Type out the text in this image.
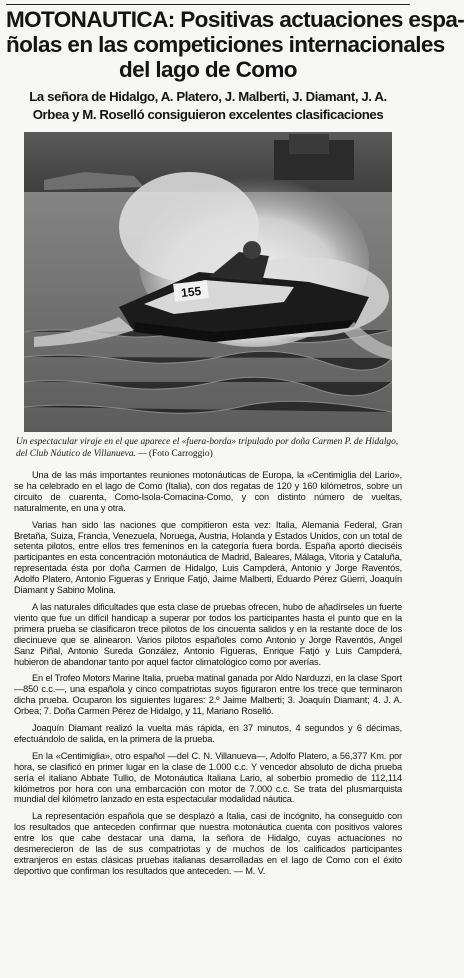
MOTONAUTICA: Positivas actuaciones espa-
ñolas en las competiciones internacionales
del lago de Como
La señora de Hidalgo, A. Platero, J. Malberti, J. Diamant, J. A.
Orbea y M. Roselló consiguieron excelentes clasificaciones
155
Un espectacular viraje en el que aparece el «fuera-borda» tripulado por doña Carmen P. de Hidalgo, del Club Náutico de Villanueva. — (Foto Carroggio)

Una de las más importantes reuniones motonáuticas de Europa, la «Centimiglia del Lario», se ha celebrado en el lago de Como (Italia), con dos regatas de 120 y 160 kilómetros, sobre un circuito de cuarenta, Como-Isola-Comacina-Como, y con distinto número de vueltas, naturalmente, en una y otra.

Varias han sido las naciones que compitieron esta vez: Italia, Alemania Federal, Gran Bretaña, Suiza, Francia, Venezuela, Noruega, Austria, Holanda y Estados Unidos, con un total de setenta pilotos, entre ellos tres femeninos en la categoría fuera borda. España aportó dieciséis participantes en esta concentración motonáutica de Madrid, Baleares, Málaga, Vitoria y Cataluña, representada ésta por doña Carmen de Hidalgo, Luis Campderá, Antonio y Jorge Raventós, Adolfo Platero, Antonio Figueras y Enrique Fatjó, Jaime Malberti, Eduardo Pérez Güerri, Joaquín Diamant y Sabino Molina.

A las naturales dificultades que esta clase de pruebas ofrecen, hubo de añadírseles un fuerte viento que fue un difícil handicap a superar por todos los participantes hasta el punto que en la primera prueba se clasificaron trece pilotos de los cincuenta salidos y en la restante doce de los diecinueve que se alinearon. Varios pilotos españoles como Antonio y Jorge Raventós, Angel Sanz Piñal, Antonio Sureda González, Antonio Figueras, Enrique Fatjó y Luis Campderá, hubieron de abandonar tanto por aquel factor climatológico como por averías.

En el Trofeo Motors Marine Italia, prueba matinal ganada por Aldo Narduzzi, en la clase Sport —850 c.c.—, una española y cinco compatriotas suyos figuraron entre los trece que terminaron dicha prueba. Ocuparon los siguientes lugares: 2.º Jaime Malberti; 3. Joaquín Diamant; 4. J. A. Orbea; 7. Doña Carmen Pérez de Hidalgo, y 11, Mariano Roselló.

Joaquín Diamant realizó la vuelta más rápida, en 37 minutos, 4 segundos y 6 décimas, efectuándolo de salida, en la primera de la prueba.

En la «Centimiglia», otro español —del C. N. Villanueva—, Adolfo Platero, a 56,377 Km. por hora, se clasificó en primer lugar en la clase de 1.000 c.c. Y vencedor absoluto de dicha prueba sería el italiano Abbate Tullio, de Motonáutica Italiana Lario, al soberbio promedio de 112,114 kilómetros por hora con una embarcación con motor de 7.000 c.c. Se trata del plusmarquista mundial del kilómetro lanzado en esta espectacular modalidad náutica.

La representación española que se desplazó a Italia, casi de incógnito, ha conseguido con los resultados que anteceden confirmar que nuestra motonáutica cuenta con positivos valores entre los que cabe destacar una dama, la señora de Hidalgo, cuyas actuaciones no desmerecieron de las de sus compatriotas y de muchos de los calificados participantes extranjeros en estas clásicas pruebas italianas desarrolladas en el lago de Como con el éxito deportivo que confirman los resultados que anteceden. — M. V.
